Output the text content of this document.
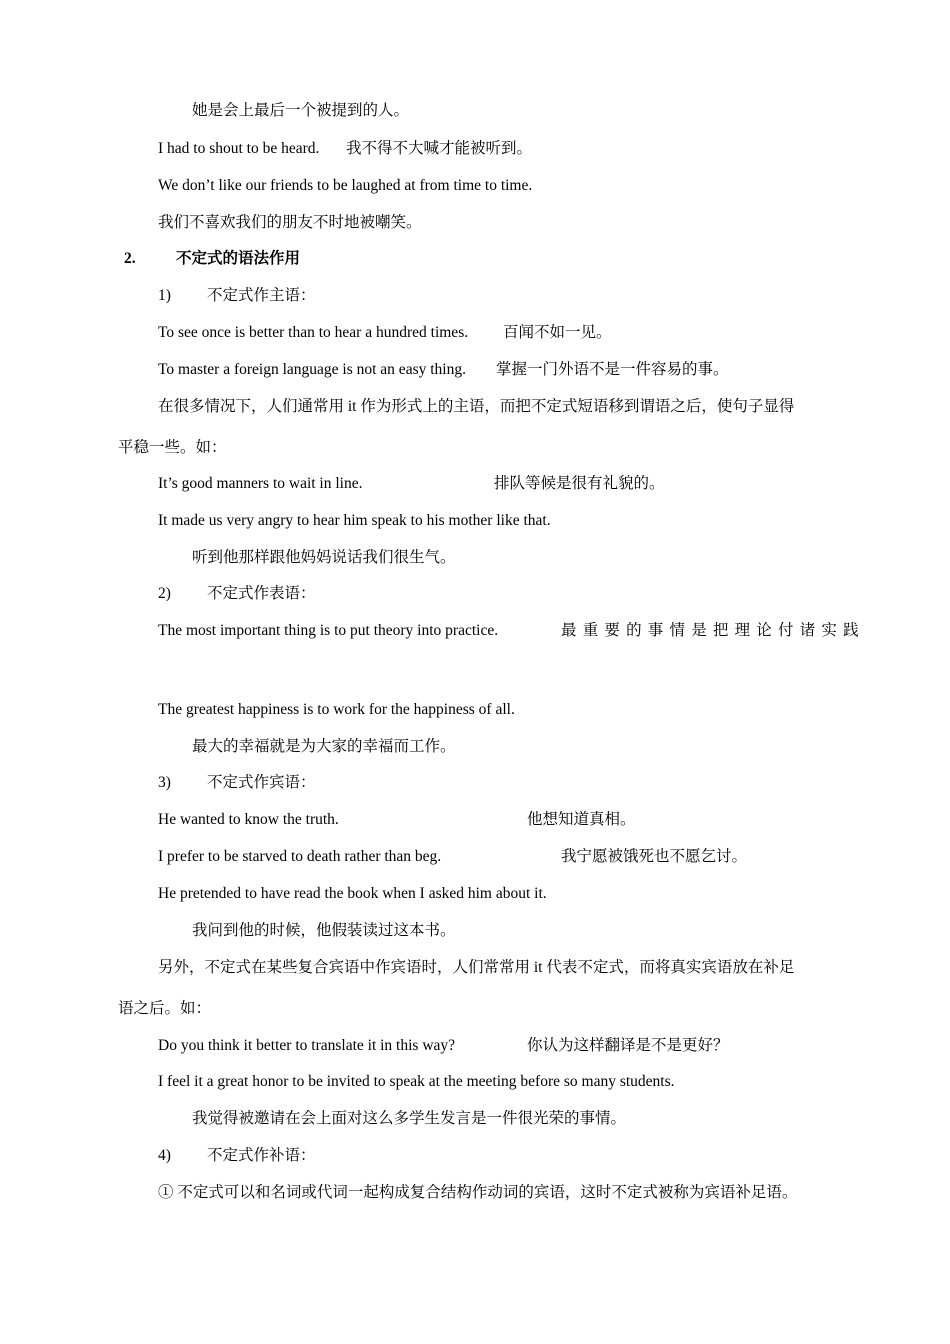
她是会上最后一个被提到的人。
I had to shout to be heard. 我不得不大喊才能被听到。
We don’t like our friends to be laughed at from time to time.
我们不喜欢我们的朋友不时地被嘲笑。
2.	不定式的语法作用
1) 不定式作主语：
To see once is better than to hear a hundred times. 百闻不如一见。
To master a foreign language is not an easy thing. 掌握一门外语不是一件容易的事。
在很多情况下，人们通常用 it 作为形式上的主语，而把不定式短语移到谓语之后，使句子显得
平稳一些。如：
It’s good manners to wait in line.	排队等候是很有礼貌的。
It made us very angry to hear him speak to his mother like that.
听到他那样跟他妈妈说话我们很生气。
2) 不定式作表语：
The most important thing is to put theory into practice.	最重要的事情是把理论付诸实践
The greatest happiness is to work for the happiness of all.
最大的幸福就是为大家的幸福而工作。
3) 不定式作宾语：
He wanted to know the truth.	他想知道真相。
I prefer to be starved to death rather than beg.	我宁愿被饿死也不愿乞讨。
He pretended to have read the book when I asked him about it.
我问到他的时候，他假装读过这本书。
另外，不定式在某些复合宾语中作宾语时，人们常常用 it 代表不定式，而将真实宾语放在补足
语之后。如：
Do you think it better to translate it in this way?	你认为这样翻译是不是更好？
I feel it a great honor to be invited to speak at the meeting before so many students.
我觉得被邀请在会上面对这么多学生发言是一件很光荣的事情。
4) 不定式作补语：
① 不定式可以和名词或代词一起构成复合结构作动词的宾语，这时不定式被称为宾语补足语。
